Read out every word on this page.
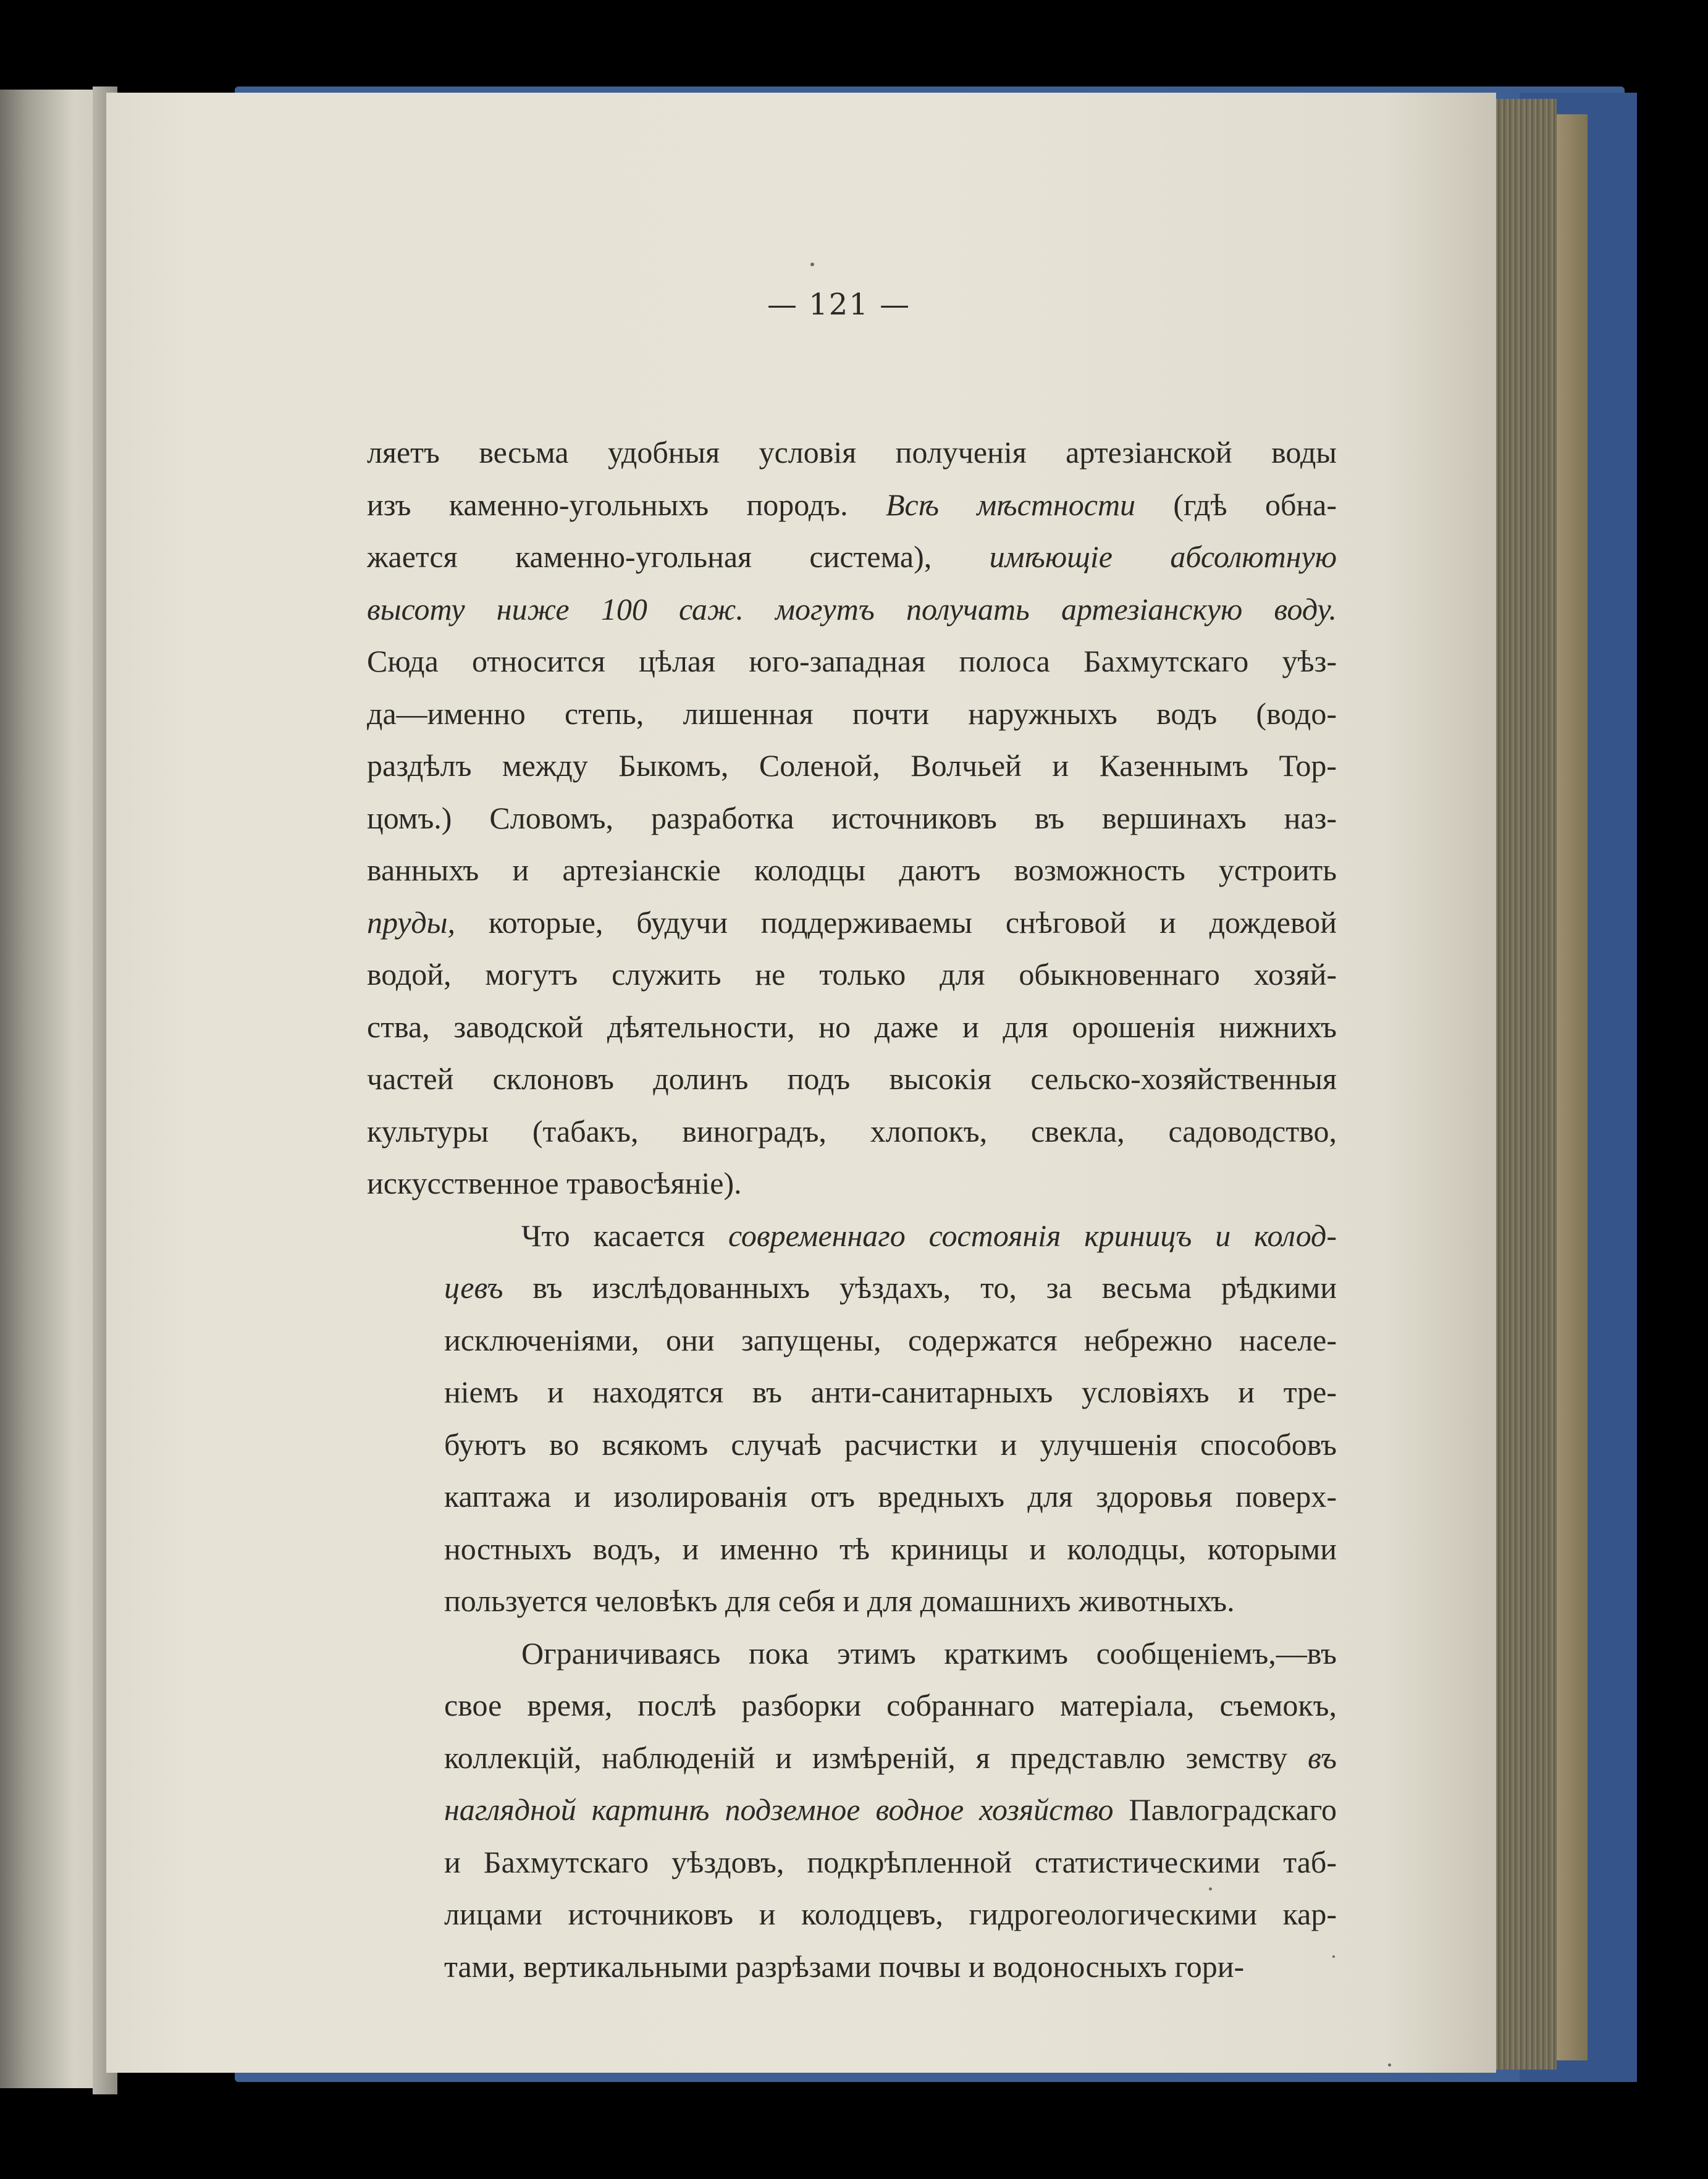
— 121 —

ляетъ весьма удобныя условія полученія артезіанской воды
изъ каменно-угольныхъ породъ. Всѣ мѣстности (гдѣ обна-
жается каменно-угольная система), имѣющіе абсолютную
высоту ниже 100 саж. могутъ получать артезіанскую воду.
Сюда относится цѣлая юго-западная полоса Бахмутскаго уѣз-
да—именно степь, лишенная почти наружныхъ водъ (водо-
раздѣлъ между Быкомъ, Соленой, Волчьей и Казеннымъ Тор-
цомъ.) Словомъ, разработка источниковъ въ вершинахъ наз-
ванныхъ и артезіанскіе колодцы даютъ возможность устроить
пруды, которые, будучи поддерживаемы снѣговой и дождевой
водой, могутъ служить не только для обыкновеннаго хозяй-
ства, заводской дѣятельности, но даже и для орошенія нижнихъ
частей склоновъ долинъ подъ высокія сельско-хозяйственныя
культуры (табакъ, виноградъ, хлопокъ, свекла, садоводство,
искусственное травосѣяніе).

Что касается современнаго состоянія криницъ и колод-
цевъ въ изслѣдованныхъ уѣздахъ, то, за весьма рѣдкими
исключеніями, они запущены, содержатся небрежно населе-
ніемъ и находятся въ анти-санитарныхъ условіяхъ и тре-
буютъ во всякомъ случаѣ расчистки и улучшенія способовъ
каптажа и изолированія отъ вредныхъ для здоровья поверх-
ностныхъ водъ, и именно тѣ криницы и колодцы, которыми
пользуется человѣкъ для себя и для домашнихъ животныхъ.

Ограничиваясь пока этимъ краткимъ сообщеніемъ,—въ
свое время, послѣ разборки собраннаго матеріала, съемокъ,
коллекцій, наблюденій и измѣреній, я представлю земству въ
наглядной картинѣ подземное водное хозяйство Павлоградскаго
и Бахмутскаго уѣздовъ, подкрѣпленной статистическими таб-
лицами источниковъ и колодцевъ, гидрогеологическими кар-
тами, вертикальными разрѣзами почвы и водоносныхъ гори-
